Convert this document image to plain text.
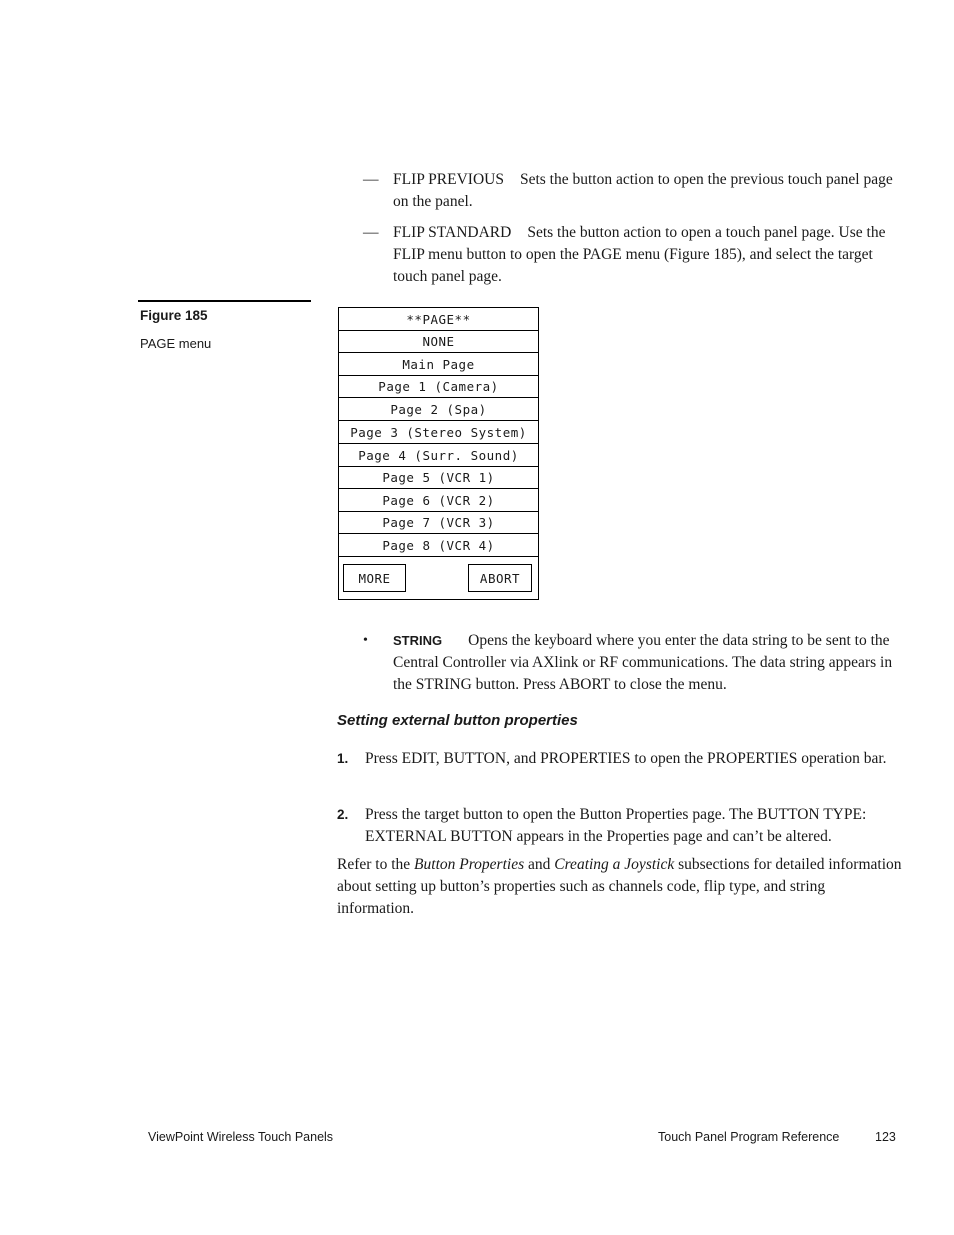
— FLIP PREVIOUS Sets the button action to open the previous touch panel page on the panel.
— FLIP STANDARD Sets the button action to open a touch panel page. Use the FLIP menu button to open the PAGE menu (Figure 185), and select the target touch panel page.
Figure 185
PAGE menu
**PAGE**
NONE
Main Page
Page 1 (Camera)
Page 2 (Spa)
Page 3 (Stereo System)
Page 4 (Surr. Sound)
Page 5 (VCR 1)
Page 6 (VCR 2)
Page 7 (VCR 3)
Page 8 (VCR 4)
MORE	ABORT
• STRING Opens the keyboard where you enter the data string to be sent to the Central Controller via AXlink or RF communications. The data string appears in the STRING button. Press ABORT to close the menu.
Setting external button properties
1. Press EDIT, BUTTON, and PROPERTIES to open the PROPERTIES operation bar.
2. Press the target button to open the Button Properties page. The BUTTON TYPE: EXTERNAL BUTTON appears in the Properties page and can’t be altered.
Refer to the Button Properties and Creating a Joystick subsections for detailed information about setting up button’s properties such as channels code, flip type, and string information.
ViewPoint Wireless Touch Panels	Touch Panel Program Reference	123
